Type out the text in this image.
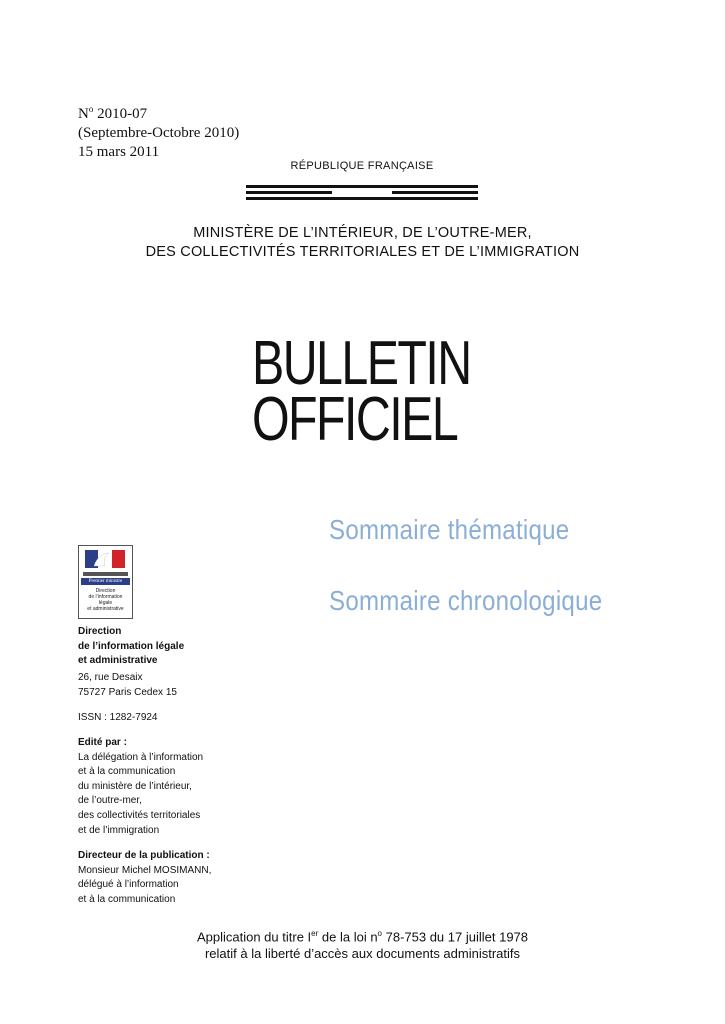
$N^o$ 2010-07
(Septembre-Octobre 2010)
15 mars 2011
RÉPUBLIQUE FRANÇAISE
MINISTÈRE DE L’INTÉRIEUR, DE L’OUTRE-MER,
DES COLLECTIVITÉS TERRITORIALES ET DE L’IMMIGRATION
BULLETIN
OFFICIEL
Sommaire thématique
Sommaire chronologique
Premier ministre
Direction
de l’information
légale
et administrative
Direction
de l’information légale
et administrative
26, rue Desaix
75727 Paris Cedex 15
ISSN : 1282-7924
Edité par :
La délégation à l’information
et à la communication
du ministère de l’intérieur,
de l’outre-mer,
des collectivités territoriales
et de l’immigration
Directeur de la publication :
Monsieur Michel MOSIMANN,
délégué à l’information
et à la communication
Application du titre Ier de la loi $n^o$ 78-753 du 17 juillet 1978
relatif à la liberté d’accès aux documents administratifs
